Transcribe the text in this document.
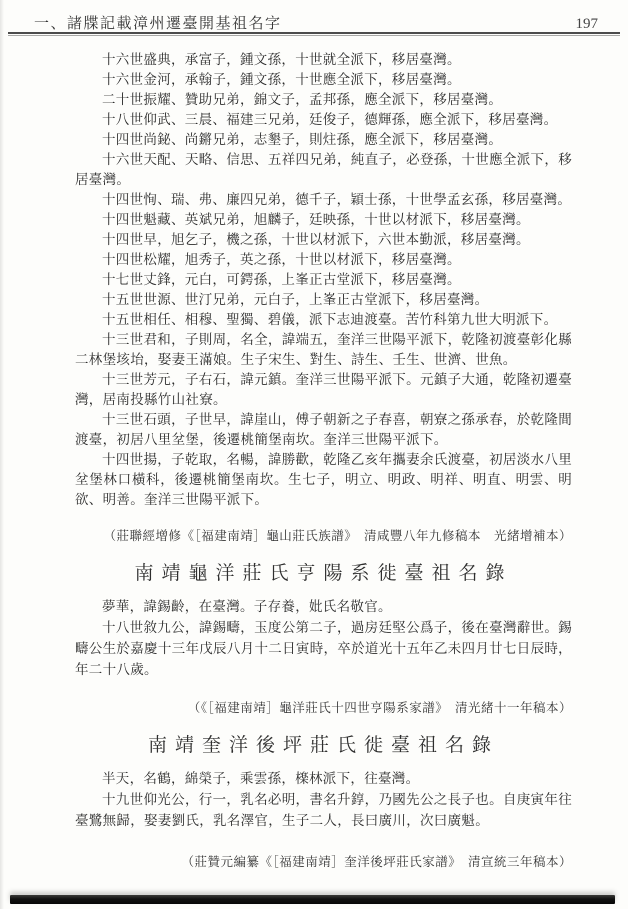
一、諸牒記載漳州遷臺開基祖名字	197

十六世盛典，承富子，鍾文孫，十世就全派下，移居臺灣。

十六世金河，承翰子，鍾文孫，十世應全派下，移居臺灣。

二十世振耀、贊助兄弟，錦文子，孟邦孫，應全派下，移居臺灣。

十八世仰武、三晨、福建三兄弟，廷俊子，德輝孫，應全派下，移居臺灣。

十四世尚鉍、尚鏘兄弟，志墾子，則炷孫，應全派下，移居臺灣。

十六世天配、天略、信思、五祥四兄弟，純直子，必登孫，十世應全派下，移居臺灣。

十四世恂、瑞、弗、廉四兄弟，德千子，穎士孫，十世學孟玄孫，移居臺灣。

十四世魁藏、英斌兄弟，旭麟子，廷映孫，十世以材派下，移居臺灣。

十四世早，旭乞子，機之孫，十世以材派下，六世本勤派，移居臺灣。

十四世松耀，旭秀子，英之孫，十世以材派下，移居臺灣。

十七世丈鋒，元白，可鍔孫，上峯正古堂派下，移居臺灣。

十五世世源、世汀兄弟，元白子，上峯正古堂派下，移居臺灣。

十五世相任、相穆、聖獨、碧儀，派下志迪渡臺。苦竹科第九世大明派下。

十三世君和，子則周，名全，諱端五，奎洋三世陽平派下，乾隆初渡臺彰化縣二林堡垓坮，娶妻王滿娘。生子宋生、對生、詩生、壬生、世濟、世魚。

十三世芳元，子右石，諱元鎮。奎洋三世陽平派下。元鎮子大通，乾隆初遷臺灣，居南投縣竹山社寮。

十三世石頭，子世早，諱崖山，傅子朝新之子春喜，朝寮之孫承春，於乾隆間渡臺，初居八里坌堡，後遷桃簡堡南坎。奎洋三世陽平派下。

十四世揚，子乾取，名暢，諱勝歡，乾隆乙亥年攜妻余氏渡臺，初居淡水八里坌堡林口橫科，後遷桃簡堡南坎。生七子，明立、明政、明祥、明直、明雲、明欲、明善。奎洋三世陽平派下。

（莊聯經增修《［福建南靖］龜山莊氏族譜》　清咸豐八年九修稿本　光緒增補本）

南靖龜洋莊氏亨陽系徙臺祖名錄

夢華，諱錫齡，在臺灣。子存養，妣氏名敬官。

十八世敘九公，諱錫疇，玉度公第二子，過房廷堅公爲子，後在臺灣辭世。錫疇公生於嘉慶十三年戊辰八月十二日寅時，卒於道光十五年乙未四月廿七日辰時，年二十八歲。

（《［福建南靖］龜洋莊氏十四世亨陽系家譜》　清光緒十一年稿本）

南靖奎洋後坪莊氏徙臺祖名錄

半天，名鶴，綿榮子，乘雲孫，檪林派下，往臺灣。

十九世仰光公，行一，乳名必明，書名升錞，乃國先公之長子也。自庚寅年往臺鷺無歸，娶妻劉氏，乳名澤官，生子二人，長曰廣川，次曰廣魁。

（莊贊元編纂《［福建南靖］奎洋後坪莊氏家譜》　清宣統三年稿本）
